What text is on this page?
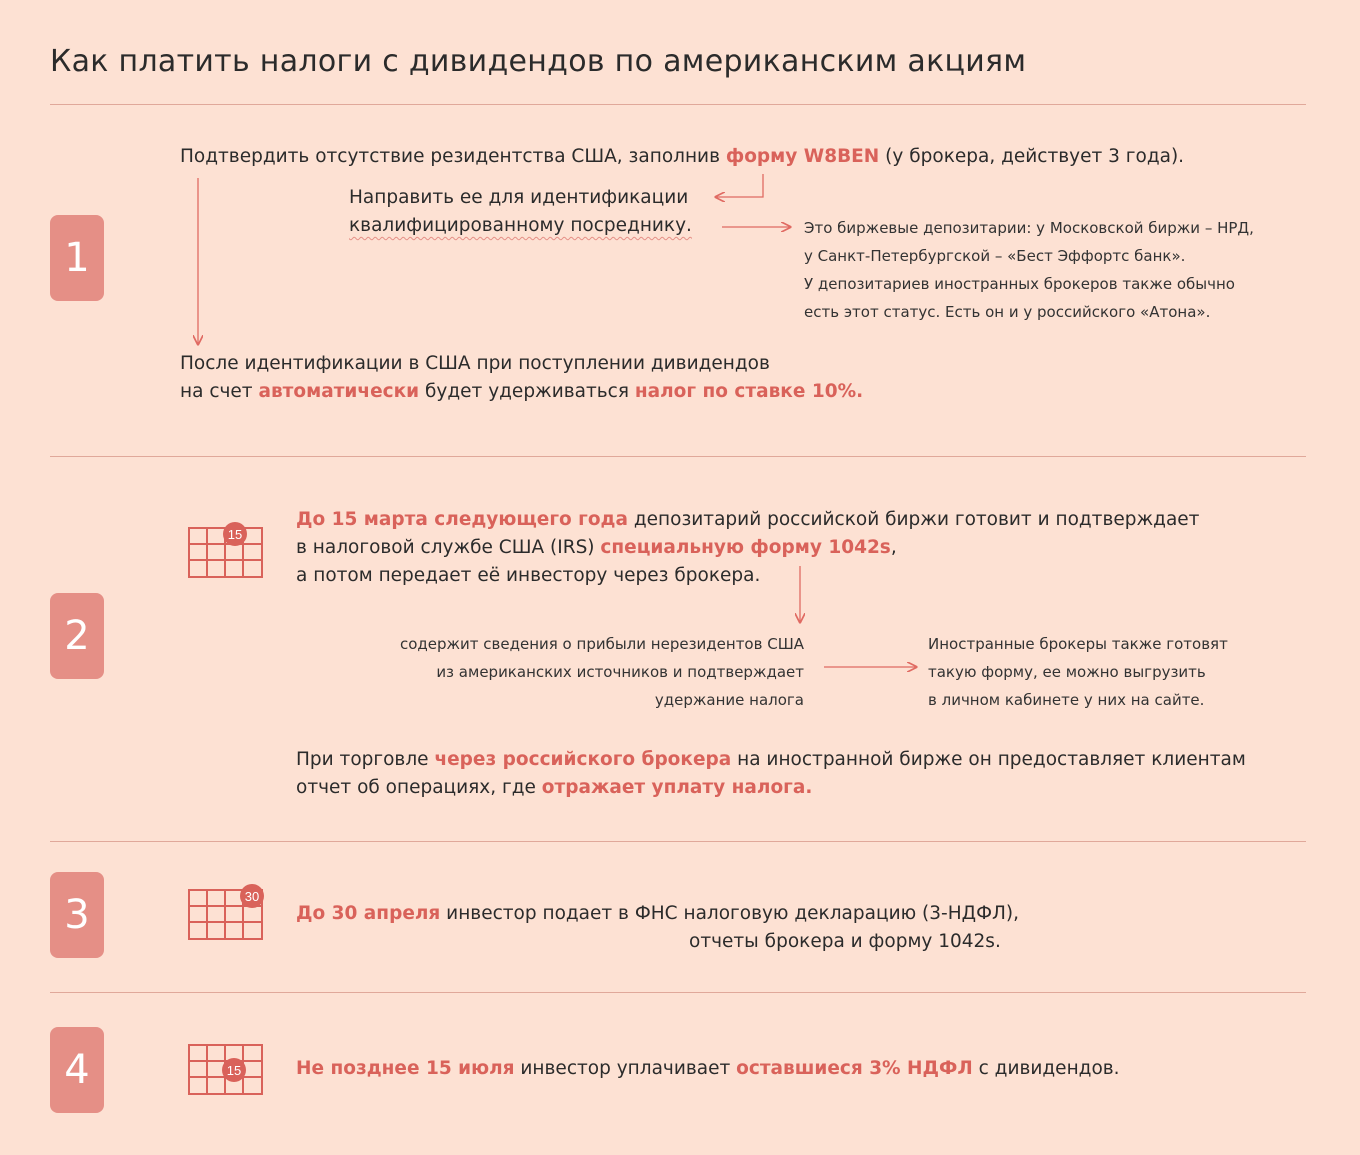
Как платить налоги с дивидендов по американским акциям
1
Подтвердить отсутствие резидентства США, заполнив форму W8BEN (у брокера, действует 3 года).
Направить ее для идентификации
квалифицированному посреднику.	Это биржевые депозитарии: у Московской биржи – НРД,
у Санкт-Петербургской – «Бест Эффортс банк».
У депозитариев иностранных брокеров также обычно
есть этот статус. Есть он и у российского «Атона».
После идентификации в США при поступлении дивидендов
на счет автоматически будет удерживаться налог по ставке 10%.
2
15
До 15 марта следующего года депозитарий российской биржи готовит и подтверждает
в налоговой службе США (IRS) специальную форму 1042s,
а потом передает её инвестору через брокера.
содержит сведения о прибыли нерезидентов США
из американских источников и подтверждает
удержание налога
Иностранные брокеры также готовят
такую форму, ее можно выгрузить
в личном кабинете у них на сайте.
При торговле через российского брокера на иностранной бирже он предоставляет клиентам
отчет об операциях, где отражает уплату налога.
3	30
До 30 апреля инвестор подает в ФНС налоговую декларацию (3-НДФЛ),
отчеты брокера и форму 1042s.
4	15	Не позднее 15 июля инвестор уплачивает оставшиеся 3% НДФЛ с дивидендов.
